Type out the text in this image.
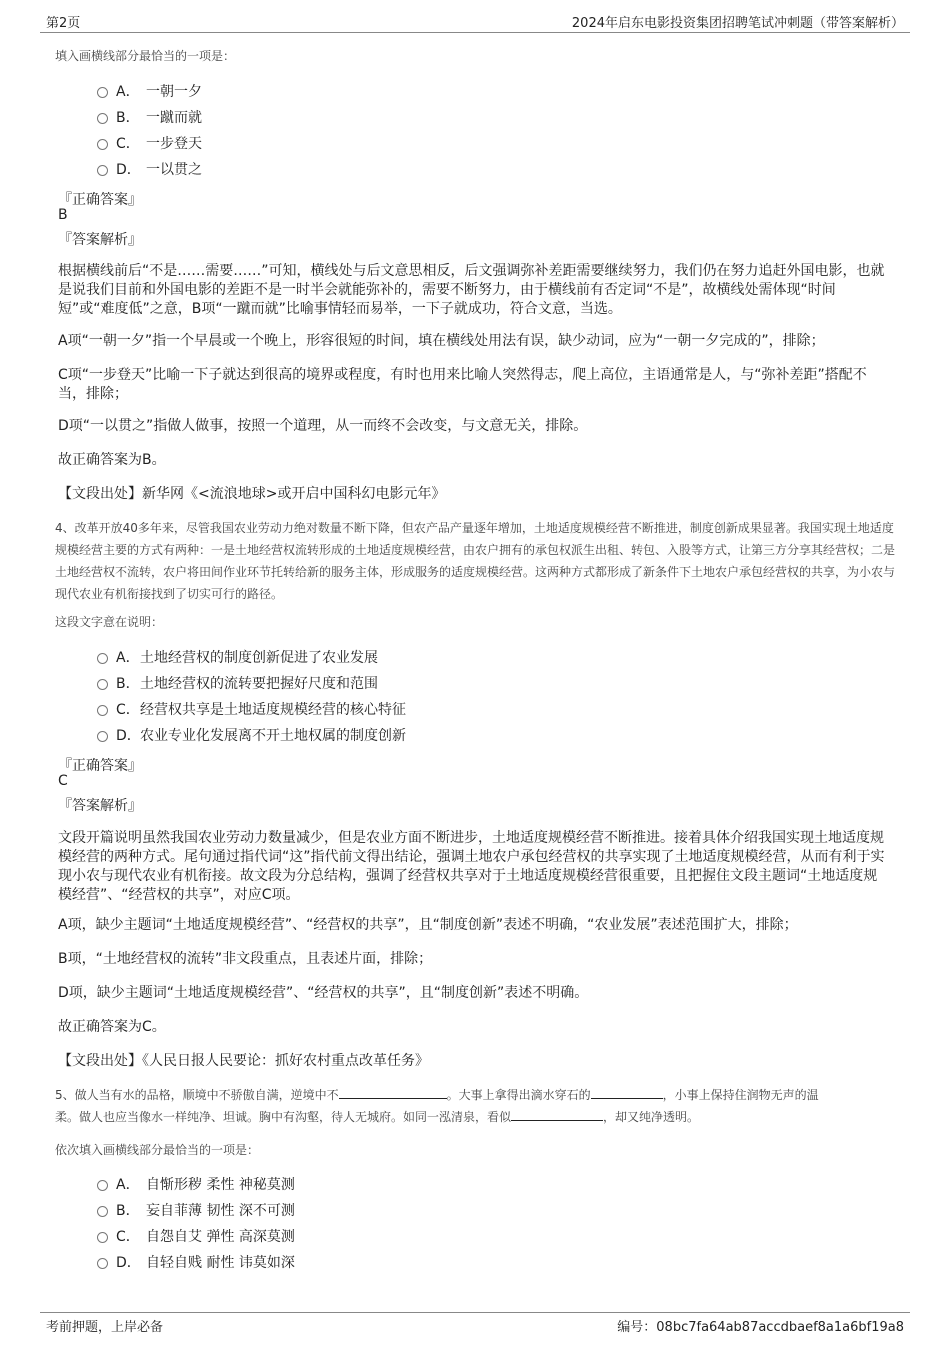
第2页	2024年启东电影投资集团招聘笔试冲刺题（带答案解析）
填入画横线部分最恰当的一项是：
A． 一朝一夕
B． 一蹴而就
C． 一步登天
D． 一以贯之
『正确答案』
B
『答案解析』
根据横线前后“不是……需要……”可知，横线处与后文意思相反，后文强调弥补差距需要继续努力，我们仍在努力追赶外国电影，也就是说我们目前和外国电影的差距不是一时半会就能弥补的，需要不断努力，由于横线前有否定词“不是”，故横线处需体现“时间短”或“难度低”之意，B项“一蹴而就”比喻事情轻而易举，一下子就成功，符合文意，当选。
A项“一朝一夕”指一个早晨或一个晚上，形容很短的时间，填在横线处用法有误，缺少动词，应为“一朝一夕完成的”，排除；
C项“一步登天”比喻一下子就达到很高的境界或程度，有时也用来比喻人突然得志，爬上高位，主语通常是人，与“弥补差距”搭配不当，排除；
D项“一以贯之”指做人做事，按照一个道理，从一而终不会改变，与文意无关，排除。
故正确答案为B。
【文段出处】新华网《<流浪地球>或开启中国科幻电影元年》
4、改革开放40多年来，尽管我国农业劳动力绝对数量不断下降，但农产品产量逐年增加，土地适度规模经营不断推进，制度创新成果显著。我国实现土地适度规模经营主要的方式有两种：一是土地经营权流转形成的土地适度规模经营，由农户拥有的承包权派生出租、转包、入股等方式，让第三方分享其经营权；二是土地经营权不流转，农户将田间作业环节托转给新的服务主体，形成服务的适度规模经营。这两种方式都形成了新条件下土地农户承包经营权的共享，为小农与现代农业有机衔接找到了切实可行的路径。
这段文字意在说明：
A．土地经营权的制度创新促进了农业发展
B．土地经营权的流转要把握好尺度和范围
C．经营权共享是土地适度规模经营的核心特征
D．农业专业化发展离不开土地权属的制度创新
『正确答案』
C
『答案解析』
文段开篇说明虽然我国农业劳动力数量减少，但是农业方面不断进步，土地适度规模经营不断推进。接着具体介绍我国实现土地适度规模经营的两种方式。尾句通过指代词“这”指代前文得出结论，强调土地农户承包经营权的共享实现了土地适度规模经营，从而有利于实现小农与现代农业有机衔接。故文段为分总结构，强调了经营权共享对于土地适度规模经营很重要，且把握住文段主题词“土地适度规模经营”、“经营权的共享”，对应C项。
A项，缺少主题词“土地适度规模经营”、“经营权的共享”，且“制度创新”表述不明确，“农业发展”表述范围扩大，排除；
B项，“土地经营权的流转”非文段重点，且表述片面，排除；
D项，缺少主题词“土地适度规模经营”、“经营权的共享”，且“制度创新”表述不明确。
故正确答案为C。
【文段出处】《人民日报人民要论：抓好农村重点改革任务》
5、做人当有水的品格，顺境中不骄傲自满，逆境中不	。大事上拿得出滴水穿石的	，小事上保持住润物无声的温
柔。做人也应当像水一样纯净、坦诚。胸中有沟壑，待人无城府。如同一泓清泉，看似	，却又纯净透明。
依次填入画横线部分最恰当的一项是：
A． 自惭形秽 柔性 神秘莫测
B． 妄自菲薄 韧性 深不可测
C． 自怨自艾 弹性 高深莫测
D． 自轻自贱 耐性 讳莫如深
考前押题，上岸必备	编号：08bc7fa64ab87accdbaef8a1a6bf19a8
